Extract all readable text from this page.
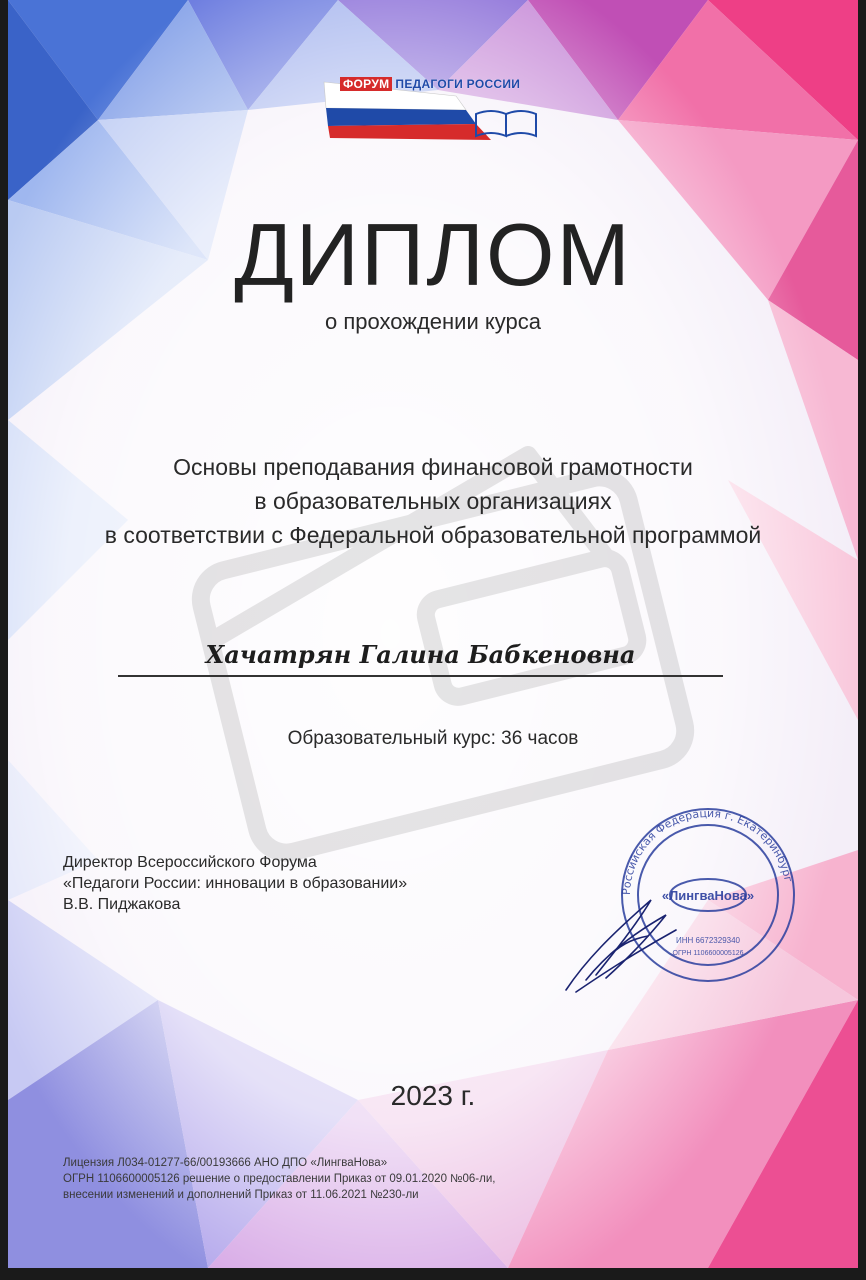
ФОРУМ ПЕДАГОГИ РОССИИ
ДИПЛОМ
о прохождении курса
Основы преподавания финансовой грамотности
в образовательных организациях
в соответствии с Федеральной образовательной программой
Хачатрян Галина Бабкеновна
Образовательный курс: 36 часов
Директор Всероссийского Форума
«Педагоги России: инновации в образовании»
В.В. Пиджакова
Российская Федерация г. Екатеринбург
«ЛингваНова»
ИНН 6672329340
ОГРН 1106600005126
2023 г.
Лицензия Л034-01277-66/00193666 АНО ДПО «ЛингваНова»
ОГРН 1106600005126 решение о предоставлении Приказ от 09.01.2020 №06-ли,
внесении изменений и дополнений Приказ от 11.06.2021 №230-ли
